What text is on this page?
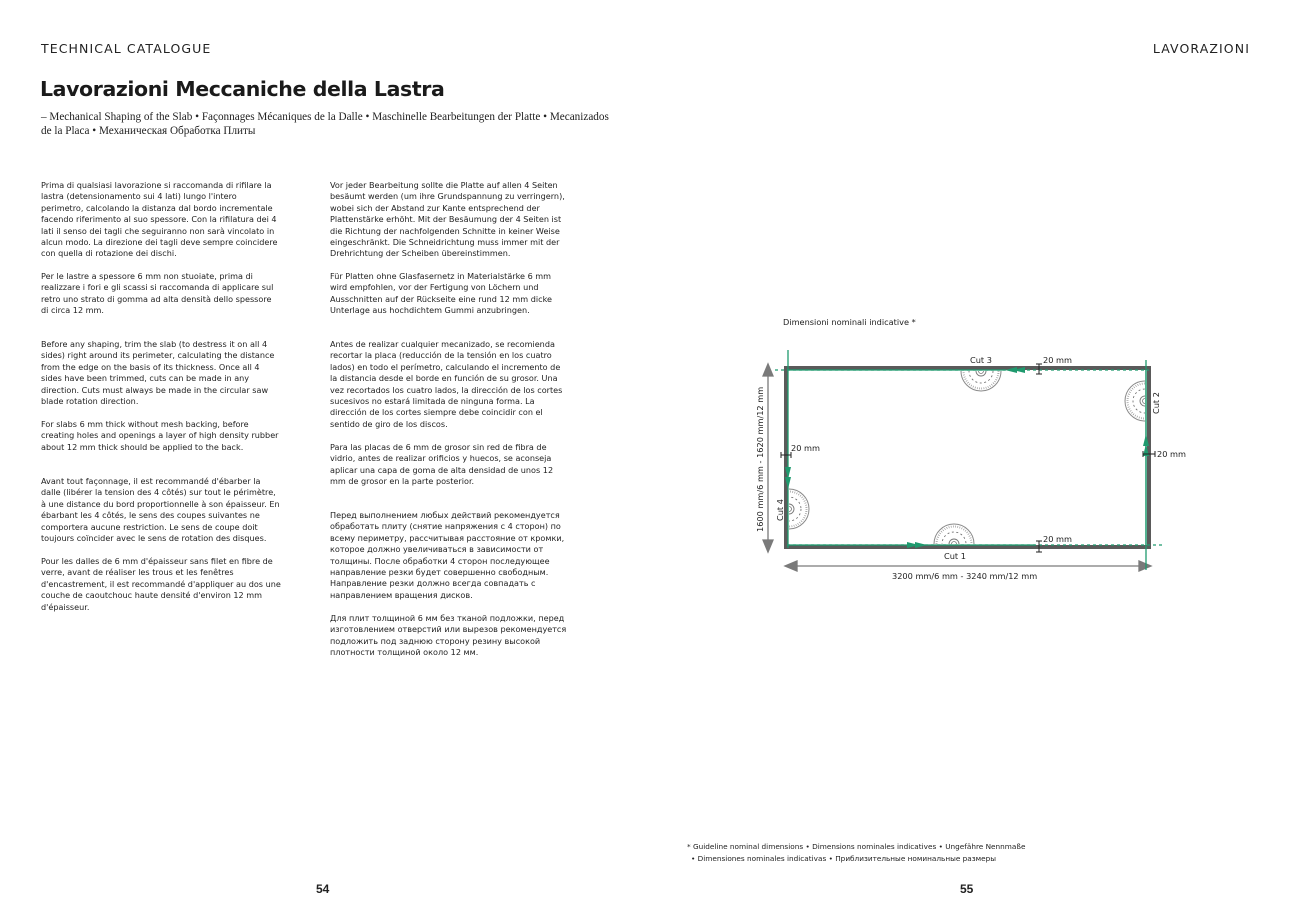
TECHNICAL CATALOGUE	LAVORAZIONI
Lavorazioni Meccaniche della Lastra
– Mechanical Shaping of the Slab • Façonnages Mécaniques de la Dalle • Maschinelle Bearbeitungen der Platte • Mecanizados de la Placa • Механическая Обработка Плиты

Prima di qualsiasi lavorazione si raccomanda di rifilare la lastra (detensionamento sui 4 lati) lungo l'intero perimetro, calcolando la distanza dal bordo incrementale facendo riferimento al suo spessore. Con la rifilatura dei 4 lati il senso dei tagli che seguiranno non sarà vincolato in alcun modo. La direzione dei tagli deve sempre coincidere con quella di rotazione dei dischi.

Per le lastre a spessore 6 mm non stuoiate, prima di realizzare i fori e gli scassi si raccomanda di applicare sul retro uno strato di gomma ad alta densità dello spessore di circa 12 mm.

Before any shaping, trim the slab (to destress it on all 4 sides) right around its perimeter, calculating the distance from the edge on the basis of its thickness. Once all 4 sides have been trimmed, cuts can be made in any direction. Cuts must always be made in the circular saw blade rotation direction.

For slabs 6 mm thick without mesh backing, before creating holes and openings a layer of high density rubber about 12 mm thick should be applied to the back.

Avant tout façonnage, il est recommandé d'ébarber la dalle (libérer la tension des 4 côtés) sur tout le périmètre, à une distance du bord proportionnelle à son épaisseur. En ébarbant les 4 côtés, le sens des coupes suivantes ne comportera aucune restriction. Le sens de coupe doit toujours coïncider avec le sens de rotation des disques.

Pour les dalles de 6 mm d'épaisseur sans filet en fibre de verre, avant de réaliser les trous et les fenêtres d'encastrement, il est recommandé d'appliquer au dos une couche de caoutchouc haute densité d'environ 12 mm d'épaisseur.

Vor jeder Bearbeitung sollte die Platte auf allen 4 Seiten besäumt werden (um ihre Grundspannung zu verringern), wobei sich der Abstand zur Kante entsprechend der Plattenstärke erhöht. Mit der Besäumung der 4 Seiten ist die Richtung der nachfolgenden Schnitte in keiner Weise eingeschränkt. Die Schneidrichtung muss immer mit der Drehrichtung der Scheiben übereinstimmen.

Für Platten ohne Glasfasernetz in Materialstärke 6 mm wird empfohlen, vor der Fertigung von Löchern und Ausschnitten auf der Rückseite eine rund 12 mm dicke Unterlage aus hochdichtem Gummi anzubringen.

Antes de realizar cualquier mecanizado, se recomienda recortar la placa (reducción de la tensión en los cuatro lados) en todo el perímetro, calculando el incremento de la distancia desde el borde en función de su grosor. Una vez recortados los cuatro lados, la dirección de los cortes sucesivos no estará limitada de ninguna forma. La dirección de los cortes siempre debe coincidir con el sentido de giro de los discos.

Para las placas de 6 mm de grosor sin red de fibra de vidrio, antes de realizar orificios y huecos, se aconseja aplicar una capa de goma de alta densidad de unos 12 mm de grosor en la parte posterior.

Перед выполнением любых действий рекомендуется обработать плиту (снятие напряжения с 4 сторон) по всему периметру, рассчитывая расстояние от кромки, которое должно увеличиваться в зависимости от толщины. После обработки 4 сторон последующее направление резки будет совершенно свободным. Направление резки должно всегда совпадать с направлением вращения дисков.

Для плит толщиной 6 мм без тканой подложки, перед изготовлением отверстий или вырезов рекомендуется подложить под заднюю сторону резину высокой плотности толщиной около 12 мм.

Dimensioni nominali indicative *
Cut 3
Cut 1
Cut 2
Cut 4
20 mm
20 mm
20 mm
20 mm
1600 mm/6 mm - 1620 mm/12 mm
3200 mm/6 mm - 3240 mm/12 mm
* Guideline nominal dimensions • Dimensions nominales indicatives • Ungefähre Nennmaße
• Dimensiones nominales indicativas • Приблизительные номинальные размеры
54	55
